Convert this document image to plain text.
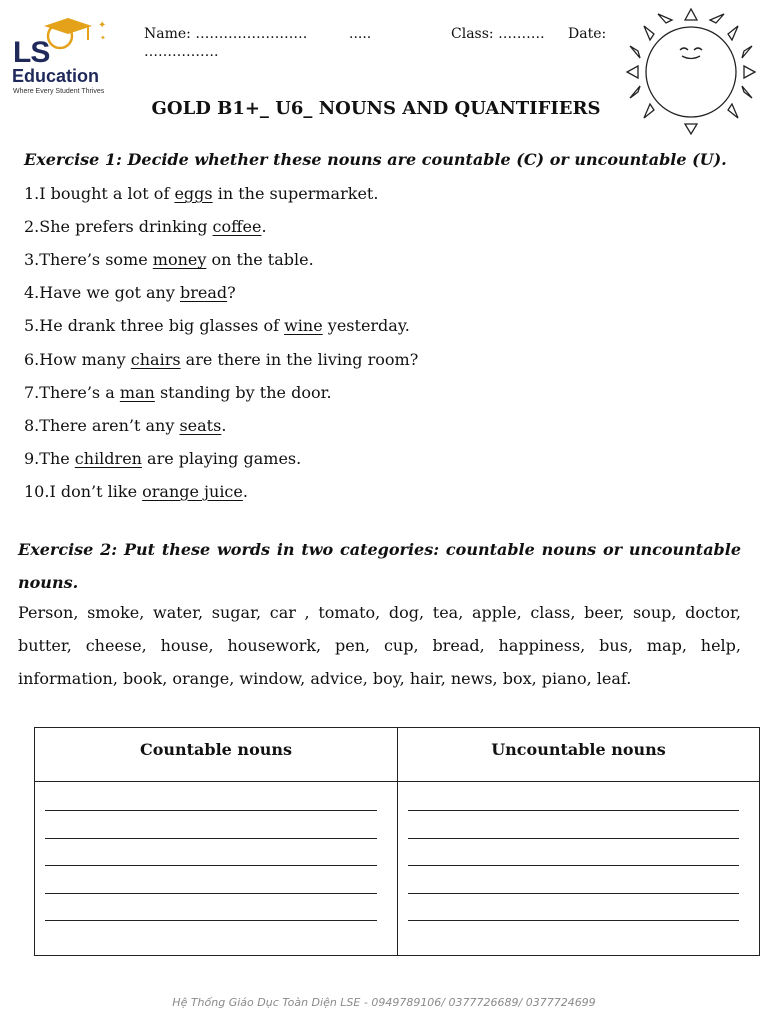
✦
✦
LS
Education
Where Every Student Thrives
Name: ……………………	.....	Class: ………. Date:
…………….
GOLD B1+_ U6_ NOUNS AND QUANTIFIERS
Exercise 1: Decide whether these nouns are countable (C) or uncountable (U).
1.I bought a lot of eggs in the supermarket.
2.She prefers drinking coffee.
3.There’s some money on the table.
4.Have we got any bread?
5.He drank three big glasses of wine yesterday.
6.How many chairs are there in the living room?
7.There’s a man standing by the door.
8.There aren’t any seats.
9.The children are playing games.
10.I don’t like orange juice.
Exercise 2: Put these words in two categories: countable nouns or uncountable nouns.
Person, smoke, water, sugar, car , tomato, dog, tea, apple, class, beer, soup, doctor, butter, cheese, house, housework, pen, cup, bread, happiness, bus, map, help, information, book, orange, window, advice, boy, hair, news, box, piano, leaf.
Countable nouns	Uncountable nouns
Hệ Thống Giáo Dục Toàn Diện LSE - 0949789106/ 0377726689/ 0377724699
